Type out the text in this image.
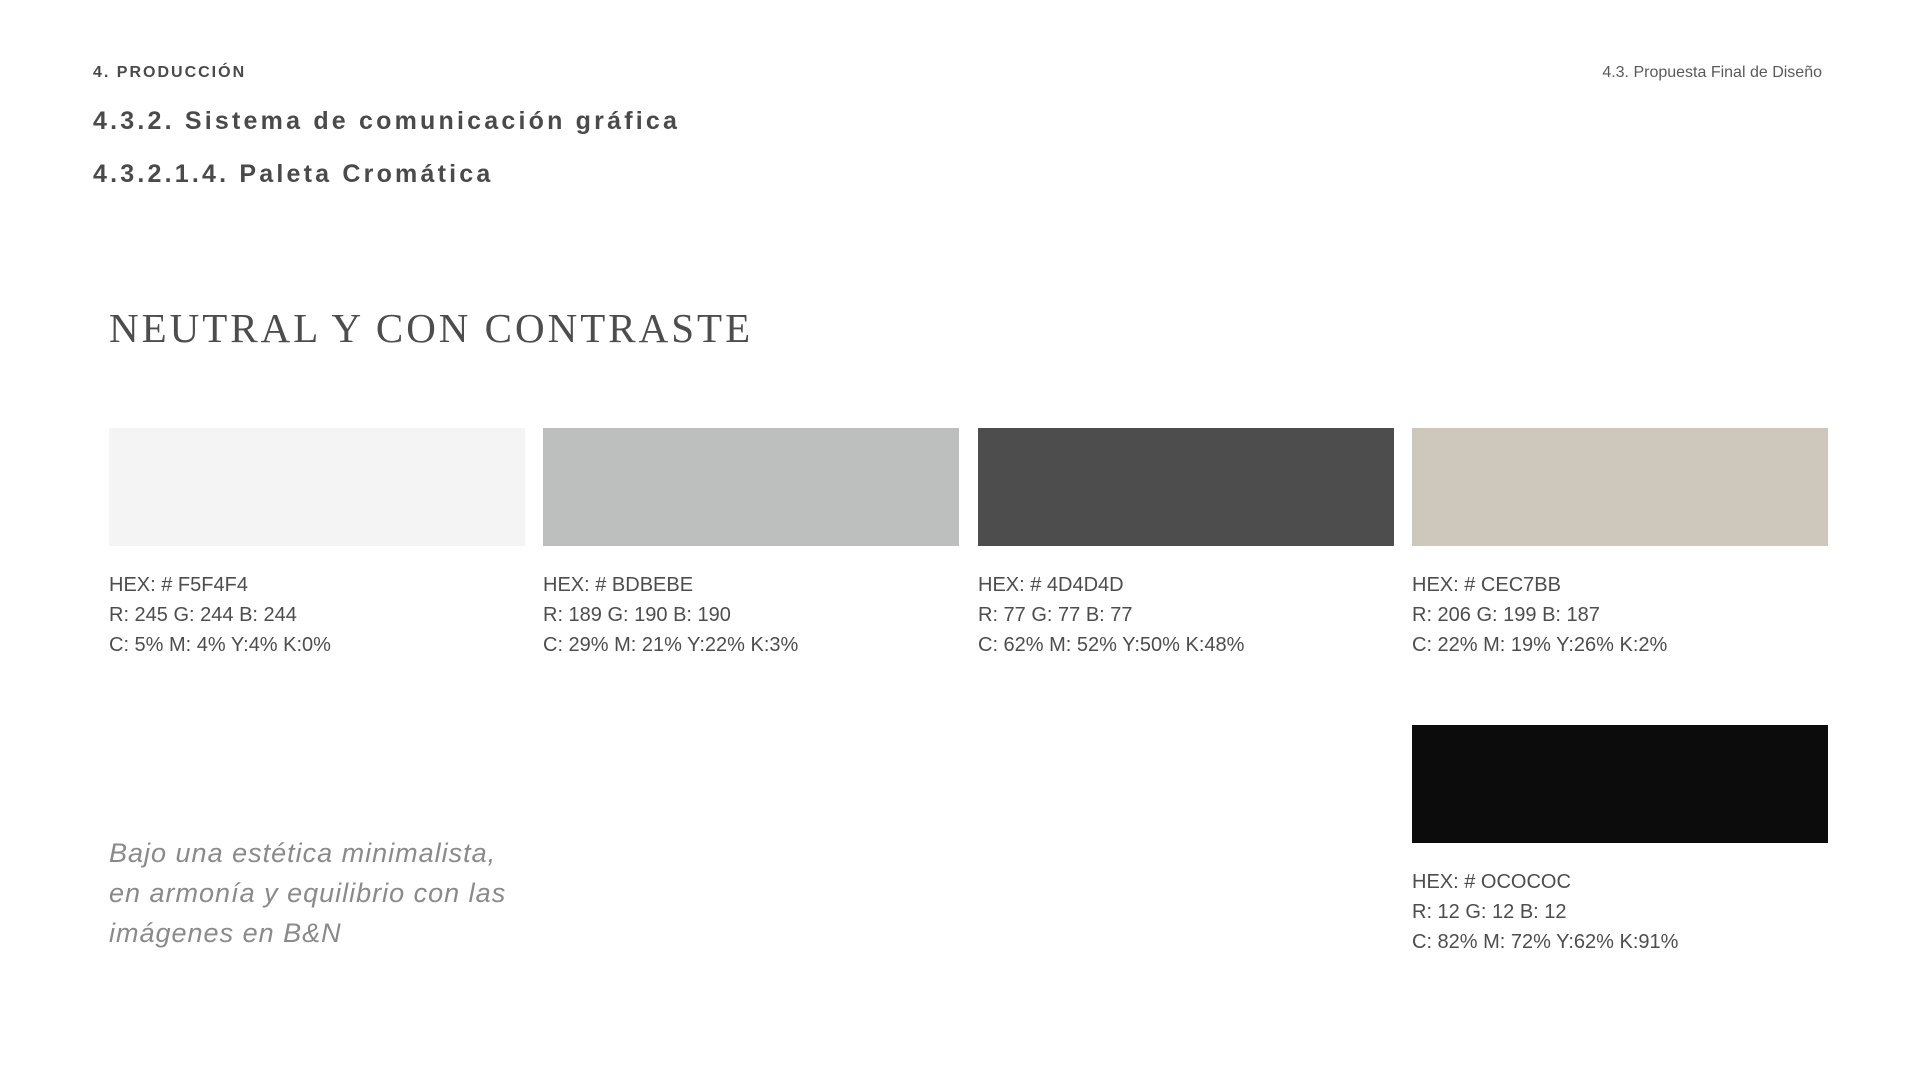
4. PRODUCCIÓN	4.3. Propuesta Final de Diseño
4.3.2. Sistema de comunicación gráfica
4.3.2.1.4. Paleta Cromática
NEUTRAL Y CON CONTRASTE
HEX: # F5F4F4
R: 245 G: 244 B: 244
C: 5% M: 4% Y:4% K:0%
HEX: # BDBEBE
R: 189 G: 190 B: 190
C: 29% M: 21% Y:22% K:3%
HEX: # 4D4D4D
R: 77 G: 77 B: 77
C: 62% M: 52% Y:50% K:48%
HEX: # CEC7BB
R: 206 G: 199 B: 187
C: 22% M: 19% Y:26% K:2%
HEX: # OCOCOC
R: 12 G: 12 B: 12
C: 82% M: 72% Y:62% K:91%
Bajo una estética minimalista,
en armonía y equilibrio con las
imágenes en B&N
